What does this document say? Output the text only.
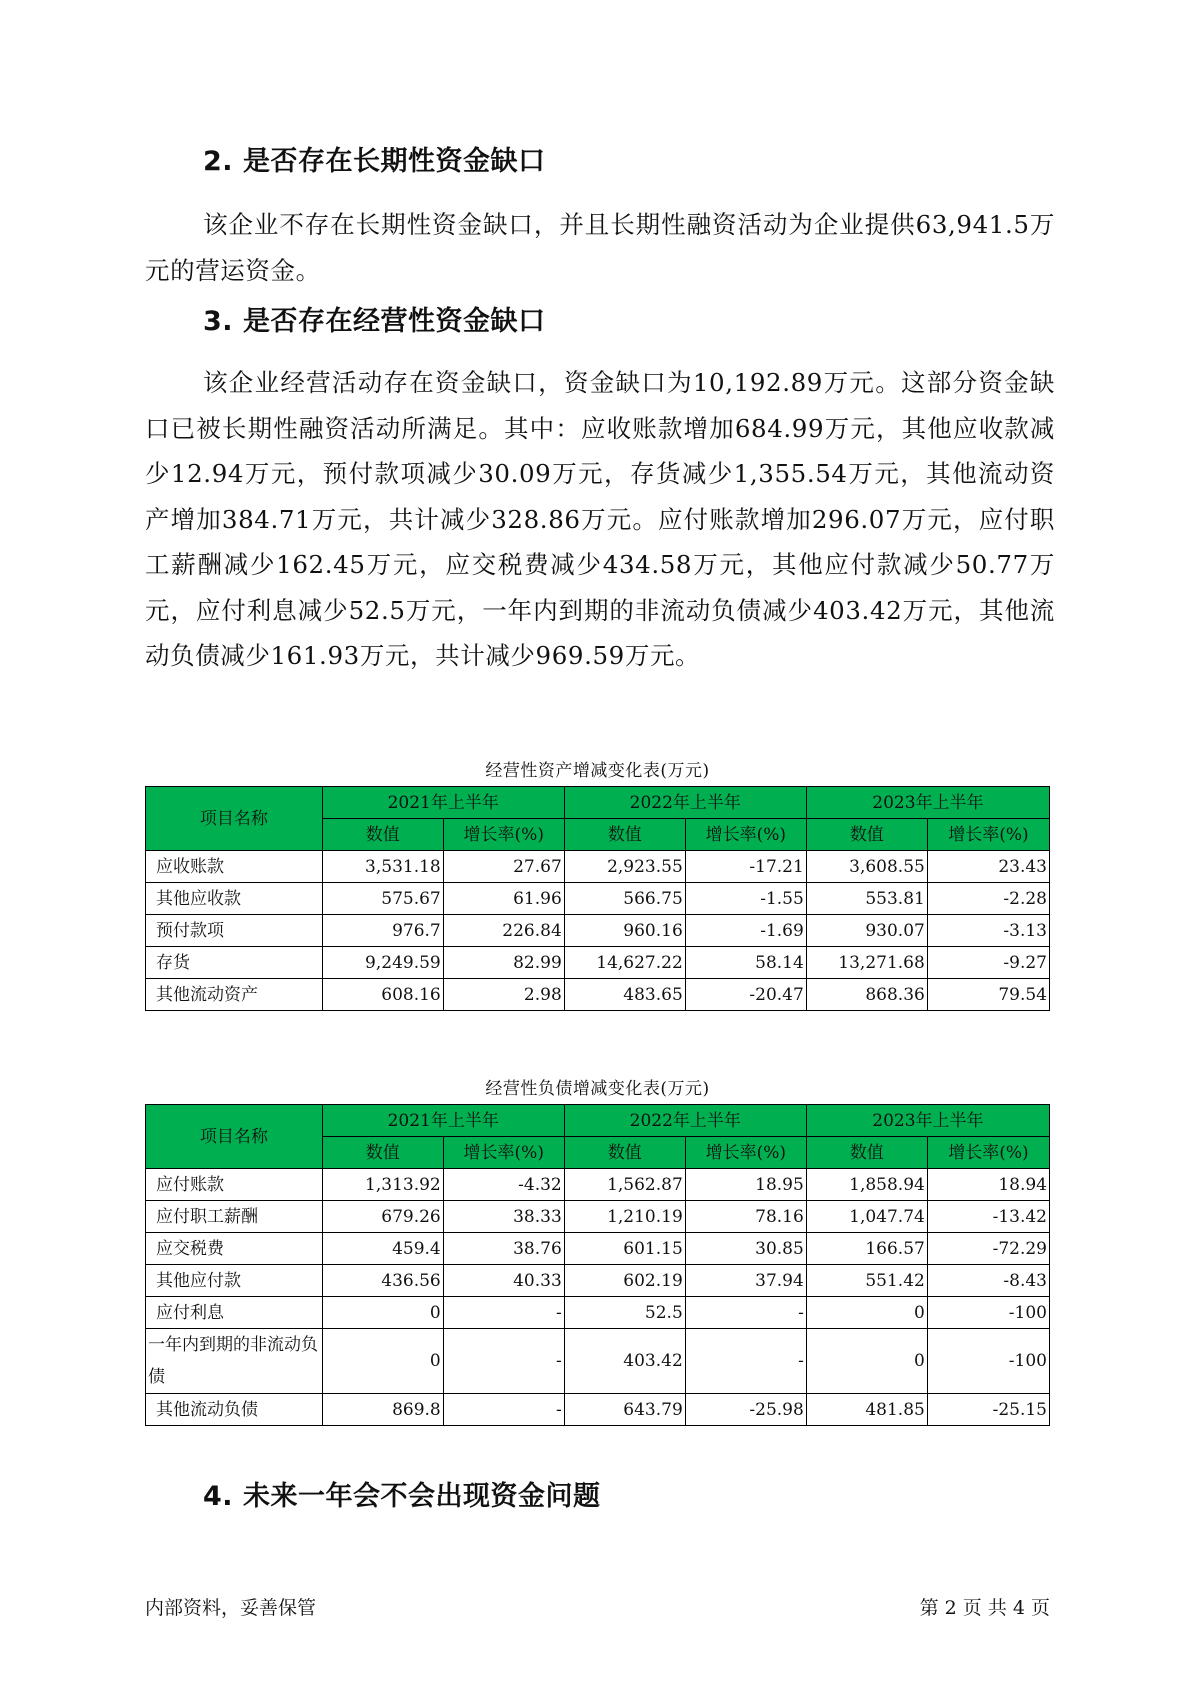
2. 是否存在长期性资金缺口

该企业不存在长期性资金缺口，并且长期性融资活动为企业提供63,941.5万元的营运资金。

3. 是否存在经营性资金缺口

该企业经营活动存在资金缺口，资金缺口为10,192.89万元。这部分资金缺口已被长期性融资活动所满足。其中：应收账款增加684.99万元，其他应收款减少12.94万元，预付款项减少30.09万元，存货减少1,355.54万元，其他流动资产增加384.71万元，共计减少328.86万元。应付账款增加296.07万元，应付职工薪酬减少162.45万元，应交税费减少434.58万元，其他应付款减少50.77万元，应付利息减少52.5万元，一年内到期的非流动负债减少403.42万元，其他流动负债减少161.93万元，共计减少969.59万元。

经营性资产增减变化表(万元)

项目名称	2021年上半年		2022年上半年		2023年上半年	
	数值	增长率(%)	数值	增长率(%)	数值	增长率(%)
应收账款	3,531.18	27.67	2,923.55	-17.21	3,608.55	23.43
其他应收款	575.67	61.96	566.75	-1.55	553.81	-2.28
预付款项	976.7	226.84	960.16	-1.69	930.07	-3.13
存货	9,249.59	82.99	14,627.22	58.14	13,271.68	-9.27
其他流动资产	608.16	2.98	483.65	-20.47	868.36	79.54

经营性负债增减变化表(万元)

项目名称	2021年上半年		2022年上半年		2023年上半年	
	数值	增长率(%)	数值	增长率(%)	数值	增长率(%)
应付账款	1,313.92	-4.32	1,562.87	18.95	1,858.94	18.94
应付职工薪酬	679.26	38.33	1,210.19	78.16	1,047.74	-13.42
应交税费	459.4	38.76	601.15	30.85	166.57	-72.29
其他应付款	436.56	40.33	602.19	37.94	551.42	-8.43
应付利息	0	-	52.5	-	0	-100
一年内到期的非流动负债	0	-	403.42	-	0	-100
其他流动负债	869.8	-	643.79	-25.98	481.85	-25.15
4. 未来一年会不会出现资金问题

内部资料，妥善保管	第 2 页 共 4 页
